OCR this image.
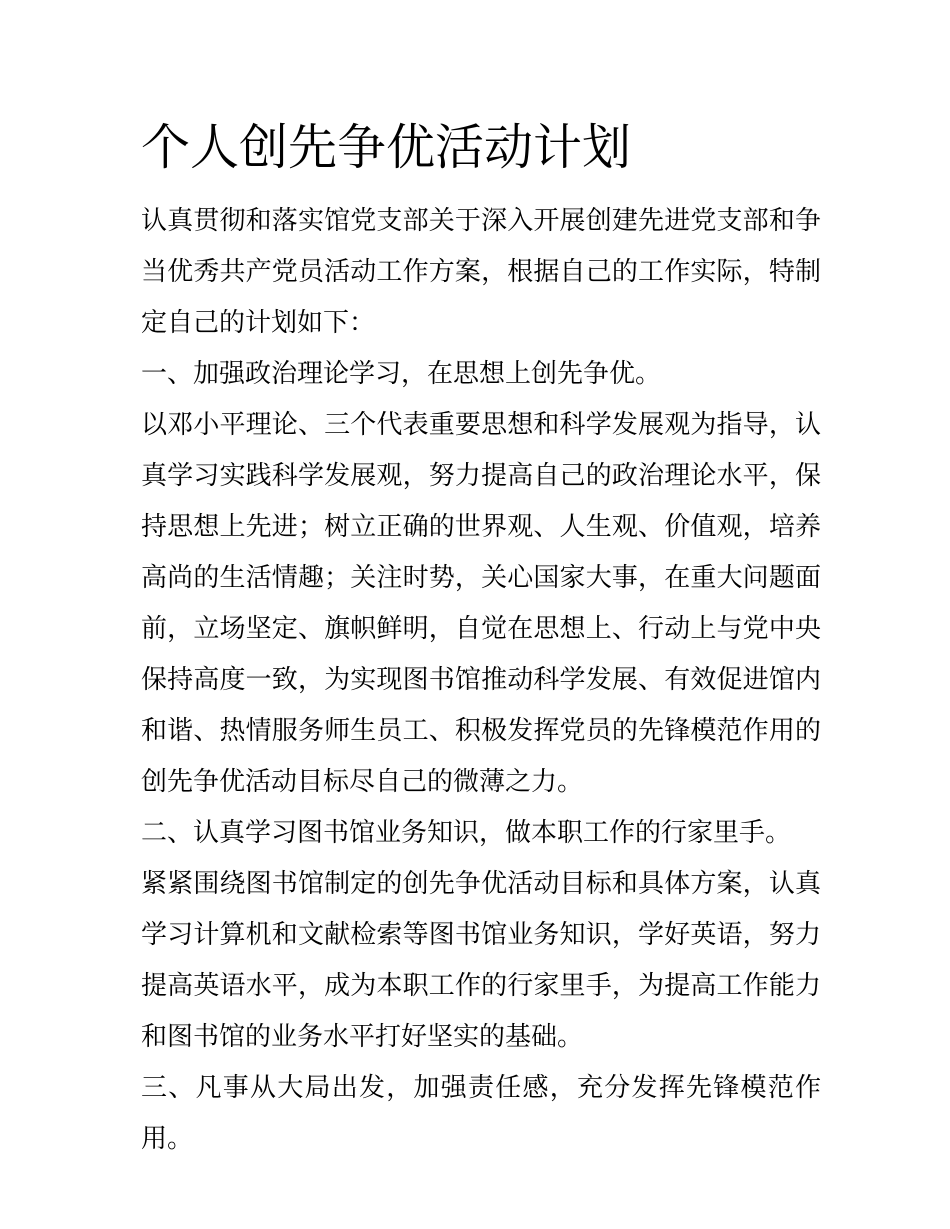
个人创先争优活动计划

认真贯彻和落实馆党支部关于深入开展创建先进党支部和争当优秀共产党员活动工作方案，根据自己的工作实际，特制定自己的计划如下：

一、加强政治理论学习，在思想上创先争优。

以邓小平理论、三个代表重要思想和科学发展观为指导，认真学习实践科学发展观，努力提高自己的政治理论水平，保持思想上先进；树立正确的世界观、人生观、价值观，培养高尚的生活情趣；关注时势，关心国家大事，在重大问题面前，立场坚定、旗帜鲜明，自觉在思想上、行动上与党中央保持高度一致，为实现图书馆推动科学发展、有效促进馆内和谐、热情服务师生员工、积极发挥党员的先锋模范作用的创先争优活动目标尽自己的微薄之力。

二、认真学习图书馆业务知识，做本职工作的行家里手。

紧紧围绕图书馆制定的创先争优活动目标和具体方案，认真学习计算机和文献检索等图书馆业务知识，学好英语，努力提高英语水平，成为本职工作的行家里手，为提高工作能力和图书馆的业务水平打好坚实的基础。

三、凡事从大局出发，加强责任感，充分发挥先锋模范作用。
